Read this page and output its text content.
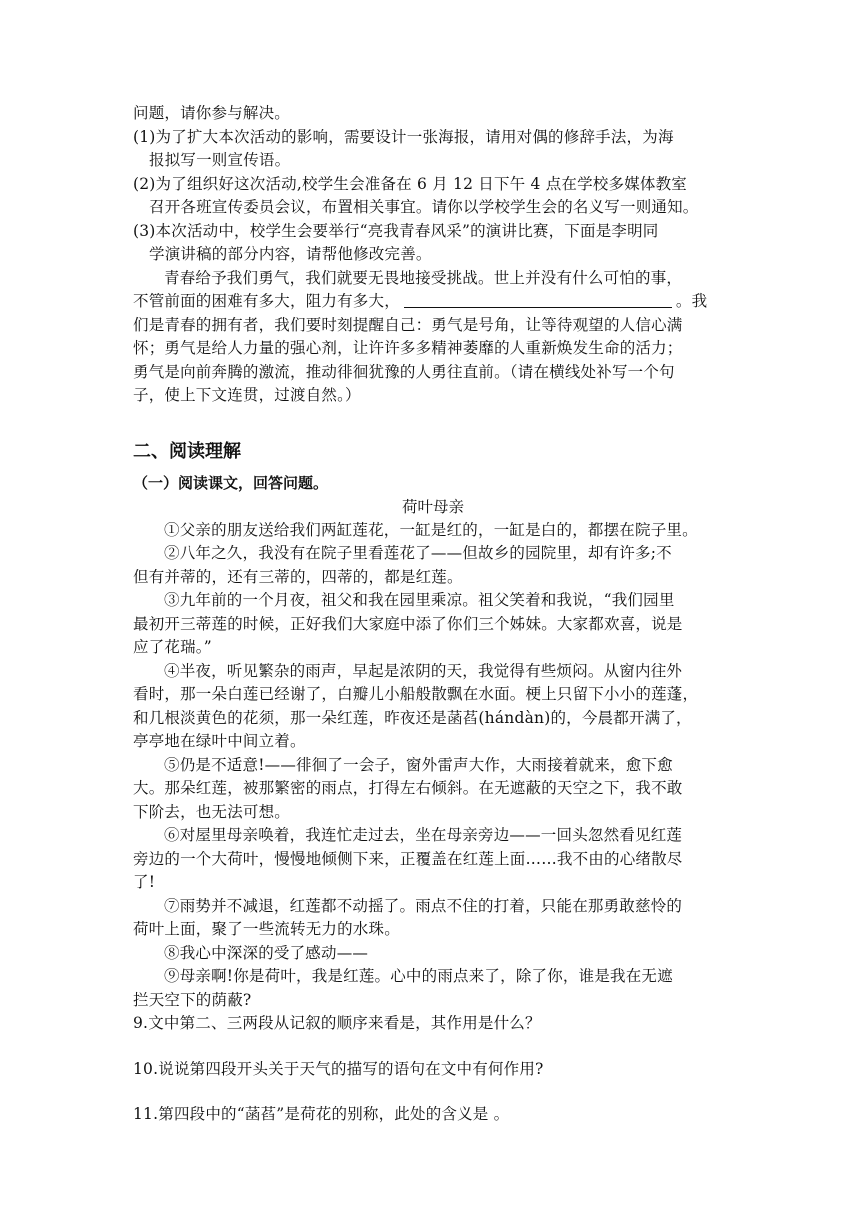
问题，请你参与解决。
(1)为了扩大本次活动的影响，需要设计一张海报，请用对偶的修辞手法，为海
报拟写一则宣传语。
(2)为了组织好这次活动,校学生会准备在 6 月 12 日下午 4 点在学校多媒体教室
召开各班宣传委员会议，布置相关事宜。请你以学校学生会的名义写一则通知。
(3)本次活动中，校学生会要举行“亮我青春风采”的演讲比赛，下面是李明同
学演讲稿的部分内容，请帮他修改完善。
青春给予我们勇气，我们就要无畏地接受挑战。世上并没有什么可怕的事，
不管前面的困难有多大，阻力有多大，	。我
们是青春的拥有者，我们要时刻提醒自己：勇气是号角，让等待观望的人信心满
怀；勇气是给人力量的强心剂，让许许多多精神萎靡的人重新焕发生命的活力；
勇气是向前奔腾的激流，推动徘徊犹豫的人勇往直前。（请在横线处补写一个句
子，使上下文连贯，过渡自然。）
二、阅读理解
（一）阅读课文，回答问题。
荷叶母亲
①父亲的朋友送给我们两缸莲花，一缸是红的，一缸是白的，都摆在院子里。
②八年之久，我没有在院子里看莲花了——但故乡的园院里，却有许多;不
但有并蒂的，还有三蒂的，四蒂的，都是红莲。
③九年前的一个月夜，祖父和我在园里乘凉。祖父笑着和我说，“我们园里
最初开三蒂莲的时候，正好我们大家庭中添了你们三个姊妹。大家都欢喜，说是
应了花瑞。”
④半夜，听见繁杂的雨声，早起是浓阴的天，我觉得有些烦闷。从窗内往外
看时，那一朵白莲已经谢了，白瓣儿小船般散飘在水面。梗上只留下小小的莲蓬，
和几根淡黄色的花须，那一朵红莲，昨夜还是菡萏(hándàn)的，今晨都开满了，
亭亭地在绿叶中间立着。
⑤仍是不适意!——徘徊了一会子，窗外雷声大作，大雨接着就来，愈下愈
大。那朵红莲，被那繁密的雨点，打得左右倾斜。在无遮蔽的天空之下，我不敢
下阶去，也无法可想。
⑥对屋里母亲唤着，我连忙走过去，坐在母亲旁边——一回头忽然看见红莲
旁边的一个大荷叶，慢慢地倾侧下来，正覆盖在红莲上面……我不由的心绪散尽
了!
⑦雨势并不减退，红莲都不动摇了。雨点不住的打着，只能在那勇敢慈怜的
荷叶上面，聚了一些流转无力的水珠。
⑧我心中深深的受了感动——
⑨母亲啊!你是荷叶，我是红莲。心中的雨点来了，除了你，谁是我在无遮
拦天空下的荫蔽?
9.文中第二、三两段从记叙的顺序来看是，其作用是什么？
10.说说第四段开头关于天气的描写的语句在文中有何作用?
11.第四段中的“菡萏”是荷花的别称，此处的含义是 。
